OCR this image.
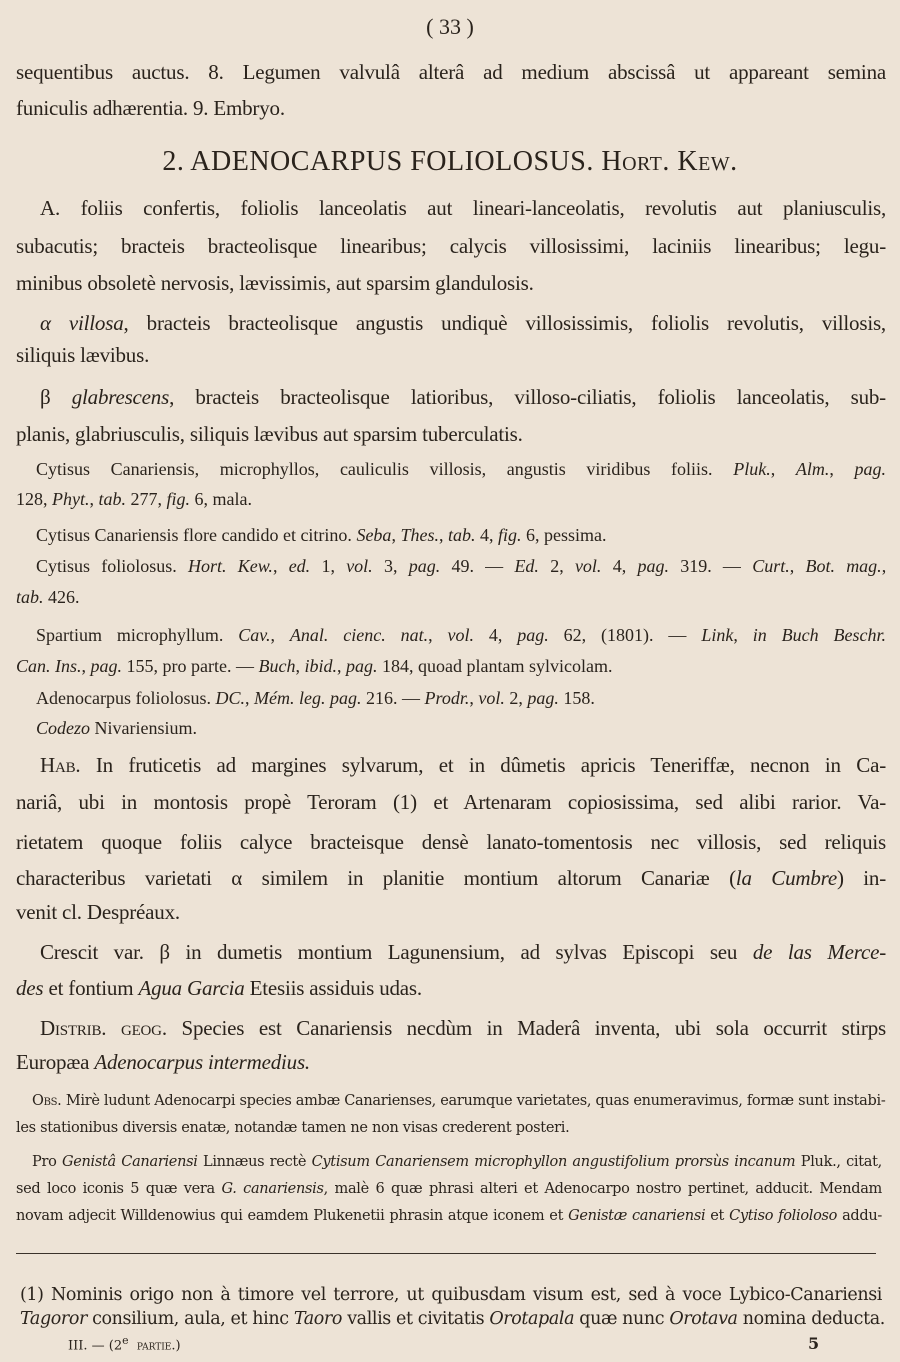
( 33 )
sequentibus auctus. 8. Legumen valvulâ alterâ ad medium abscissâ ut appareant semina
funiculis adhærentia. 9. Embryo.
2. ADENOCARPUS FOLIOLOSUS. Hort. Kew.
A. foliis confertis, foliolis lanceolatis aut lineari-lanceolatis, revolutis aut planiusculis,
subacutis; bracteis bracteolisque linearibus; calycis villosissimi, laciniis linearibus; legu-
minibus obsoletè nervosis, lævissimis, aut sparsim glandulosis.
α villosa, bracteis bracteolisque angustis undiquè villosissimis, foliolis revolutis, villosis,
siliquis lævibus.
β glabrescens, bracteis bracteolisque latioribus, villoso-ciliatis, foliolis lanceolatis, sub-
planis, glabriusculis, siliquis lævibus aut sparsim tuberculatis.
Cytisus Canariensis, microphyllos, cauliculis villosis, angustis viridibus foliis. Pluk., Alm., pag.
128, Phyt., tab. 277, fig. 6, mala.
Cytisus Canariensis flore candido et citrino. Seba, Thes., tab. 4, fig. 6, pessima.
Cytisus foliolosus. Hort. Kew., ed. 1, vol. 3, pag. 49. — Ed. 2, vol. 4, pag. 319. — Curt., Bot. mag.,
tab. 426.
Spartium microphyllum. Cav., Anal. cienc. nat., vol. 4, pag. 62, (1801). — Link, in Buch Beschr.
Can. Ins., pag. 155, pro parte. — Buch, ibid., pag. 184, quoad plantam sylvicolam.
Adenocarpus foliolosus. DC., Mém. leg. pag. 216. — Prodr., vol. 2, pag. 158.
Codezo Nivariensium.
Hab. In fruticetis ad margines sylvarum, et in dûmetis apricis Teneriffæ, necnon in Ca-
nariâ, ubi in montosis propè Teroram (1) et Artenaram copiosissima, sed alibi rarior. Va-
rietatem quoque foliis calyce bracteisque densè lanato-tomentosis nec villosis, sed reliquis
characteribus varietati α similem in planitie montium altorum Canariæ (la Cumbre) in-
venit cl. Despréaux.
Crescit var. β in dumetis montium Lagunensium, ad sylvas Episcopi seu de las Merce-
des et fontium Agua Garcia Etesiis assiduis udas.
Distrib. geog. Species est Canariensis necdùm in Maderâ inventa, ubi sola occurrit stirps
Europæa Adenocarpus intermedius.
Obs. Mirè ludunt Adenocarpi species ambæ Canarienses, earumque varietates, quas enumeravimus, formæ sunt instabi-
les stationibus diversis enatæ, notandæ tamen ne non visas crederent posteri.
Pro Genistâ Canariensi Linnæus rectè Cytisum Canariensem microphyllon angustifolium prorsùs incanum Pluk., citat,
sed loco iconis 5 quæ vera G. canariensis, malè 6 quæ phrasi alteri et Adenocarpo nostro pertinet, adducit. Mendam
novam adjecit Willdenowius qui eamdem Plukenetii phrasin atque iconem et Genistæ canariensi et Cytiso folioloso addu-
(1) Nominis origo non à timore vel terrore, ut quibusdam visum est, sed à voce Lybico-Canariensi
Tagoror consilium, aula, et hinc Taoro vallis et civitatis Orotapala quæ nunc Orotava nomina deducta.
III. — (2e partie.)	5
